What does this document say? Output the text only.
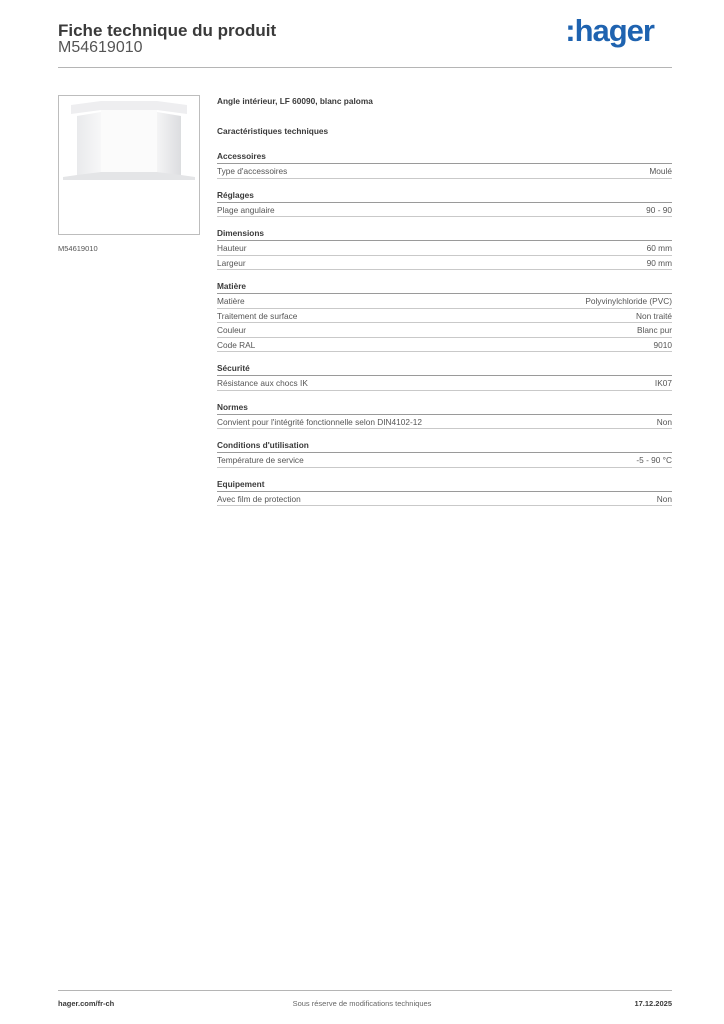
Fiche technique du produit
M54619010	:hager
M54619010
Angle intérieur, LF 60090, blanc paloma
Caractéristiques techniques
Accessoires
Type d'accessoires	Moulé
Réglages
Plage angulaire	90 - 90
Dimensions
Hauteur	60 mm
Largeur	90 mm
Matière
Matière	Polyvinylchloride (PVC)
Traitement de surface	Non traité
Couleur	Blanc pur
Code RAL	9010
Sécurité
Résistance aux chocs IK	IK07
Normes
Convient pour l'intégrité fonctionnelle selon DIN4102-12	Non
Conditions d'utilisation
Température de service	-5 - 90 °C
Equipement
Avec film de protection	Non
hager.com/fr-ch	Sous réserve de modifications techniques	17.12.2025
